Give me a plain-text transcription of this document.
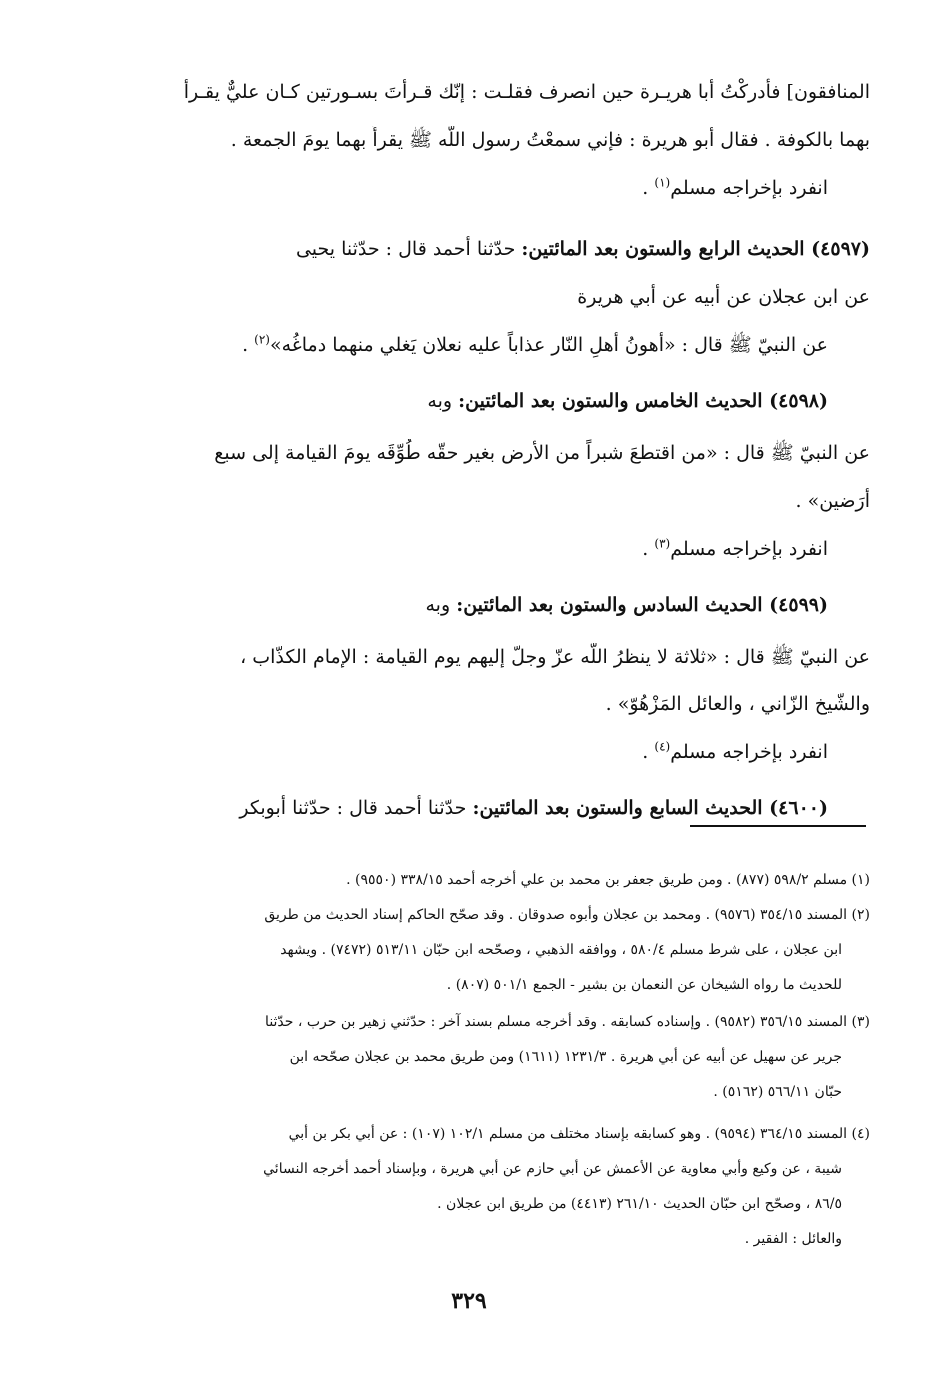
المنافقون] فأدركْتُ أبا هريـرة حين انصرف فقلـت : إنّك قـرأتَ بسـورتين كـان عليٌّ يقـرأ
بهما بالكوفة . فقال أبو هريرة : فإني سمعْتُ رسول اللّه ﷺ يقرأُ بهما يومَ الجمعة .
انفرد بإخراجه مسلم$^{(١)}$ .
(٤٥٩٧) الحديث الرابع والستون بعد المائتين: حدّثنا أحمد قال : حدّثنا يحيى
عن ابن عجلان عن أبيه عن أبي هريرة
عن النبيّ ﷺ قال : «أهونُ أهلِ النّار عذاباً عليه نعلان يَغلي منهما دماغُه»$^{(٢)}$ .
(٤٥٩٨) الحديث الخامس والستون بعد المائتين: وبه
عن النبيّ ﷺ قال : «من اقتطعَ شبراً من الأرض بغير حقّه طُوِّقَه يومَ القيامة إلى سبع
أرَضين» .
انفرد بإخراجه مسلم$^{(٣)}$ .
(٤٥٩٩) الحديث السادس والستون بعد المائتين: وبه
عن النبيّ ﷺ قال : «ثلاثة لا ينظرُ اللّه عزّ وجلّ إليهم يوم القيامة : الإمام الكذّاب ،
والشّيخ الزّاني ، والعائل المَزْهُوّ» .
انفرد بإخراجه مسلم$^{(٤)}$ .
(٤٦٠٠) الحديث السابع والستون بعد المائتين: حدّثنا أحمد قال : حدّثنا أبوبكر
(١) مسلم ٥٩٨/٢ (٨٧٧) . ومن طريق جعفر بن محمد بن علي أخرجه أحمد ٣٣٨/١٥ (٩٥٥٠) .
(٢) المسند ٣٥٤/١٥ (٩٥٧٦) . ومحمد بن عجلان وأبوه صدوقان . وقد صحّح الحاكم إسناد الحديث من طريق
ابن عجلان ، على شرط مسلم ٥٨٠/٤ ، ووافقه الذهبي ، وصحّحه ابن حبّان ٥١٣/١١ (٧٤٧٢) . ويشهد
للحديث ما رواه الشيخان عن النعمان بن بشير - الجمع ٥٠١/١ (٨٠٧) .
(٣) المسند ٣٥٦/١٥ (٩٥٨٢) . وإسناده كسابقه . وقد أخرجه مسلم بسند آخر : حدّثني زهير بن حرب ، حدّثنا
جرير عن سهيل عن أبيه عن أبي هريرة . ١٢٣١/٣ (١٦١١) ومن طريق محمد بن عجلان صحّحه ابن
حبّان ٥٦٦/١١ (٥١٦٢) .
(٤) المسند ٣٦٤/١٥ (٩٥٩٤) . وهو كسابقه بإسناد مختلف من مسلم ١٠٢/١ (١٠٧) : عن أبي بكر بن أبي
شيبة ، عن وكيع وأبي معاوية عن الأعمش عن أبي حازم عن أبي هريرة ، وبإسناد أحمد أخرجه النسائي
٨٦/٥ ، وصحّح ابن حبّان الحديث ٢٦١/١٠ (٤٤١٣) من طريق ابن عجلان .
والعائل : الفقير .
٣٢٩
